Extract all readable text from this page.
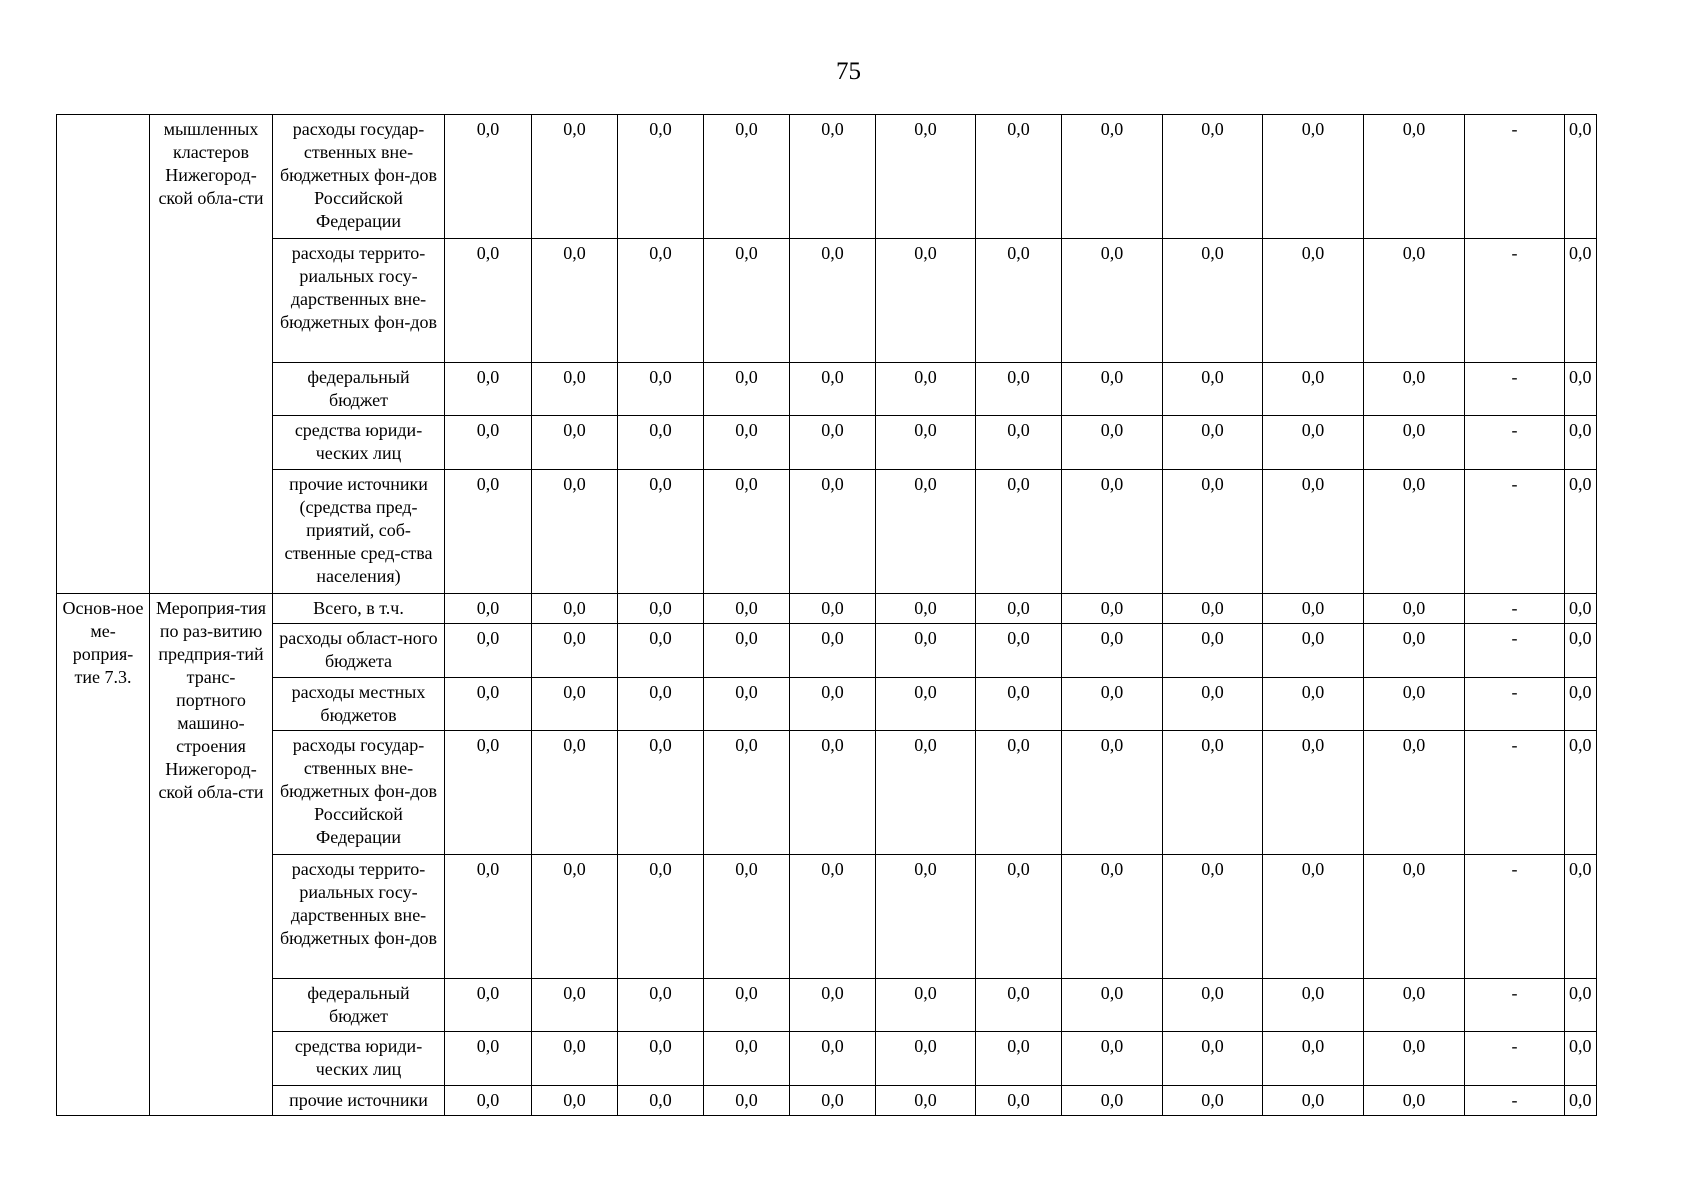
75
	мышленных кластеров Нижегород-ской обла-сти	расходы государ-ственных вне-бюджетных фон-дов Российской Федерации	0,0	0,0	0,0	0,0	0,0	0,0	0,0	0,0	0,0	0,0	0,0	-	0,0
		расходы террито-риальных госу-дарственных вне-бюджетных фон-дов	0,0	0,0	0,0	0,0	0,0	0,0	0,0	0,0	0,0	0,0	0,0	-	0,0
		федеральный бюджет	0,0	0,0	0,0	0,0	0,0	0,0	0,0	0,0	0,0	0,0	0,0	-	0,0
		средства юриди-ческих лиц	0,0	0,0	0,0	0,0	0,0	0,0	0,0	0,0	0,0	0,0	0,0	-	0,0
		прочие источники (средства пред-приятий, соб-ственные сред-ства населения)	0,0	0,0	0,0	0,0	0,0	0,0	0,0	0,0	0,0	0,0	0,0	-	0,0
Основ-ное ме-роприя-тие 7.3.	Мероприя-тия по раз-витию предприя-тий транс-портного машино-строения Нижегород-ской обла-сти	Всего, в т.ч.	0,0	0,0	0,0	0,0	0,0	0,0	0,0	0,0	0,0	0,0	0,0	-	0,0
		расходы област-ного бюджета	0,0	0,0	0,0	0,0	0,0	0,0	0,0	0,0	0,0	0,0	0,0	-	0,0
		расходы местных бюджетов	0,0	0,0	0,0	0,0	0,0	0,0	0,0	0,0	0,0	0,0	0,0	-	0,0
		расходы государ-ственных вне-бюджетных фон-дов Российской Федерации	0,0	0,0	0,0	0,0	0,0	0,0	0,0	0,0	0,0	0,0	0,0	-	0,0
		расходы террито-риальных госу-дарственных вне-бюджетных фон-дов	0,0	0,0	0,0	0,0	0,0	0,0	0,0	0,0	0,0	0,0	0,0	-	0,0
		федеральный бюджет	0,0	0,0	0,0	0,0	0,0	0,0	0,0	0,0	0,0	0,0	0,0	-	0,0
		средства юриди-ческих лиц	0,0	0,0	0,0	0,0	0,0	0,0	0,0	0,0	0,0	0,0	0,0	-	0,0
		прочие источники	0,0	0,0	0,0	0,0	0,0	0,0	0,0	0,0	0,0	0,0	0,0	-	0,0
